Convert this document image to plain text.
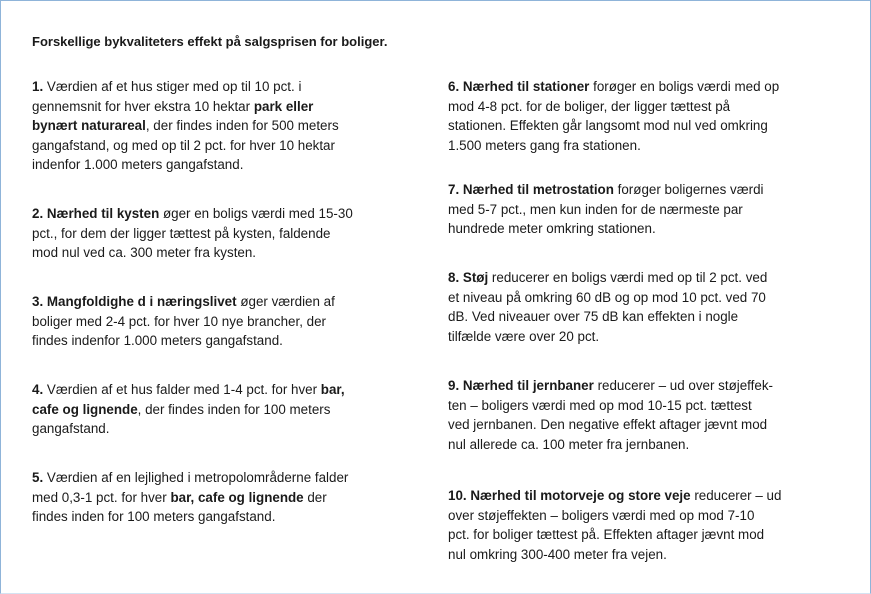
Forskellige bykvaliteters effekt på salgsprisen for boliger.
1. Værdien af et hus stiger med op til 10 pct. i
gennemsnit for hver ekstra 10 hektar park eller
bynært naturareal, der findes inden for 500 meters
gangafstand, og med op til 2 pct. for hver 10 hektar
indenfor 1.000 meters gangafstand.
2. Nærhed til kysten øger en boligs værdi med 15-30
pct., for dem der ligger tættest på kysten, faldende
mod nul ved ca. 300 meter fra kysten.
3. Mangfoldighe d i næringslivet øger værdien af
boliger med 2-4 pct. for hver 10 nye brancher, der
findes indenfor 1.000 meters gangafstand.
4. Værdien af et hus falder med 1-4 pct. for hver bar,
cafe og lignende, der findes inden for 100 meters
gangafstand.
5. Værdien af en lejlighed i metropolområderne falder
med 0,3-1 pct. for hver bar, cafe og lignende der
findes inden for 100 meters gangafstand.
6. Nærhed til stationer forøger en boligs værdi med op
mod 4-8 pct. for de boliger, der ligger tættest på
stationen. Effekten går langsomt mod nul ved omkring
1.500 meters gang fra stationen.
7. Nærhed til metrostation forøger boligernes værdi
med 5-7 pct., men kun inden for de nærmeste par
hundrede meter omkring stationen.
8. Støj reducerer en boligs værdi med op til 2 pct. ved
et niveau på omkring 60 dB og op mod 10 pct. ved 70
dB. Ved niveauer over 75 dB kan effekten i nogle
tilfælde være over 20 pct.
9. Nærhed til jernbaner reducerer – ud over støjeffek-
ten – boligers værdi med op mod 10-15 pct. tættest
ved jernbanen. Den negative effekt aftager jævnt mod
nul allerede ca. 100 meter fra jernbanen.
10. Nærhed til motorveje og store veje reducerer – ud
over støjeffekten – boligers værdi med op mod 7-10
pct. for boliger tættest på. Effekten aftager jævnt mod
nul omkring 300-400 meter fra vejen.
